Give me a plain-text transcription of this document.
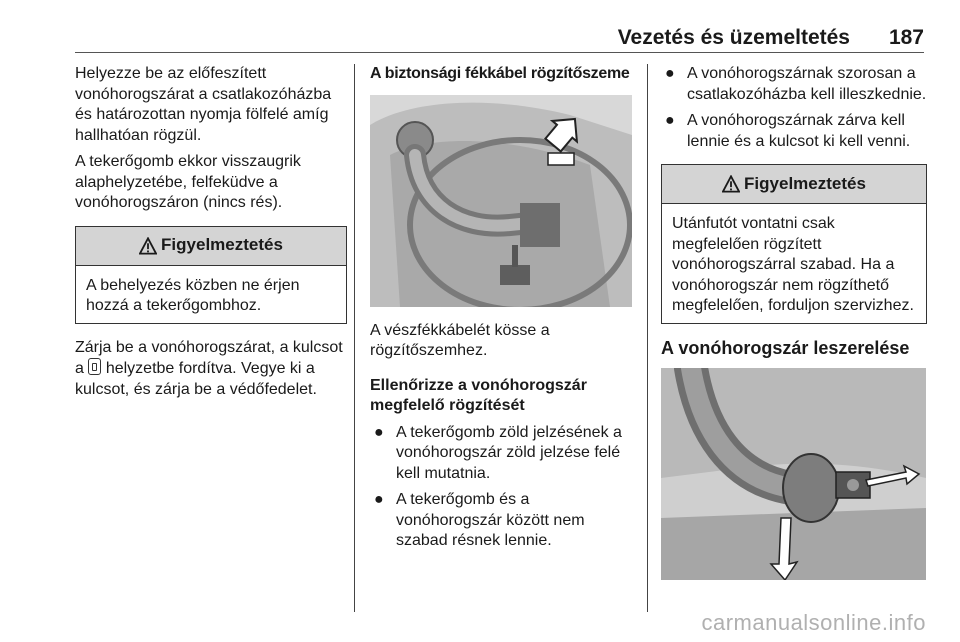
Vezetés és üzemeltetés 187

Helyezze be az előfeszített vonóhorogszárat a csatlakozóházba és határozottan nyomja fölfelé amíg hallhatóan rögzül.

A tekerőgomb ekkor visszaugrik alaphelyzetébe, felfeküdve a vonóhorogszáron (nincs rés).

Figyelmeztetés
A behelyezés közben ne érjen hozzá a tekerőgombhoz.

Zárja be a vonóhorogszárat, a kulcsot a helyzetbe fordítva. Vegye ki a kulcsot, és zárja be a védőfedelet.

A biztonsági fékkábel rögzítőszeme

A vészfékkábelét kösse a rögzítőszemhez.

Ellenőrizze a vonóhorogszár megfelelő rögzítését

● A tekerőgomb zöld jelzésének a vonóhorogszár zöld jelzése felé kell mutatnia.
● A tekerőgomb és a vonóhorogszár között nem szabad résnek lennie.
● A vonóhorogszárnak szorosan a csatlakozóházba kell illeszkednie.
● A vonóhorogszárnak zárva kell lennie és a kulcsot ki kell venni.
Figyelmeztetés
Utánfutót vontatni csak megfelelően rögzített vonóhorogszárral szabad. Ha a vonóhorogszár nem rögzíthető megfelelően, forduljon szervizhez.
A vonóhorogszár leszerelése
carmanualsonline.info
